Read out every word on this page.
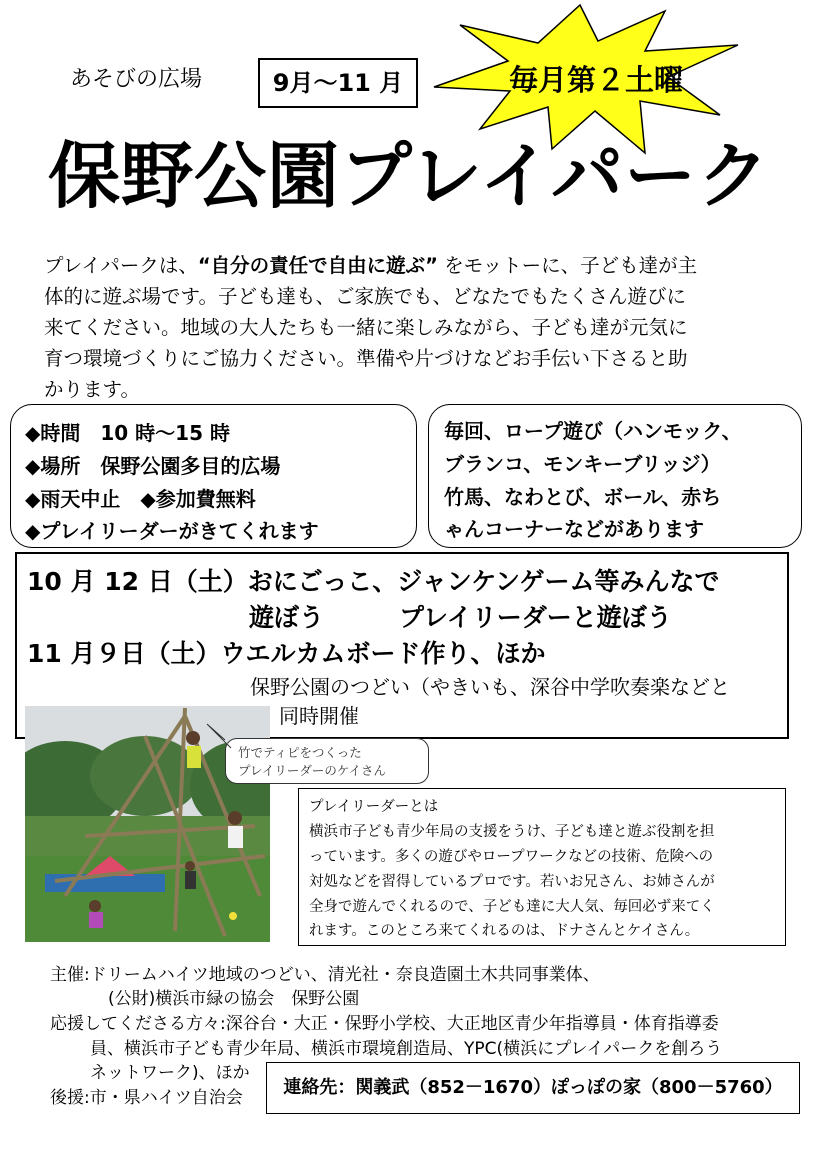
あそびの広場	9月～11 月	毎月第２土曜
保野公園プレイパーク
プレイパークは、“自分の責任で自由に遊ぶ” をモットーに、子ども達が主
体的に遊ぶ場です。子ども達も、ご家族でも、どなたでもたくさん遊びに
来てください。地域の大人たちも一緒に楽しみながら、子ども達が元気に
育つ環境づくりにご協力ください。準備や片づけなどお手伝い下さると助
かります。
◆時間　10 時～15 時
◆場所　保野公園多目的広場
◆雨天中止　◆参加費無料
◆プレイリーダーがきてくれます
毎回、ロープ遊び（ハンモック、
ブランコ、モンキーブリッジ）
竹馬、なわとび、ボール、赤ち
ゃんコーナーなどがあります
10 月 12 日（土）おにごっこ、ジャンケンゲーム等みんなで
遊ぼう　　　プレイリーダーと遊ぼう
11 月９日（土）ウエルカムボード作り、ほか
保野公園のつどい（やきいも、深谷中学吹奏楽などと
同時開催
竹でティピをつくった
プレイリーダーのケイさん
プレイリーダーとは
横浜市子ども青少年局の支援をうけ、子ども達と遊ぶ役割を担
っています。多くの遊びやロープワークなどの技術、危険への
対処などを習得しているプロです。若いお兄さん、お姉さんが
全身で遊んでくれるので、子ども達に大人気、毎回必ず来てく
れます。このところ来てくれるのは、ドナさんとケイさん。
主催:ドリームハイツ地域のつどい、清光社・奈良造園土木共同事業体、
(公財)横浜市緑の協会　保野公園
応援してくださる方々:深谷台・大正・保野小学校、大正地区青少年指導員・体育指導委
員、横浜市子ども青少年局、横浜市環境創造局、YPC(横浜にプレイパークを創ろう
ネットワーク)、ほか
後援:市・県ハイツ自治会	連絡先：関義武（852－1670）ぽっぽの家（800－5760）
